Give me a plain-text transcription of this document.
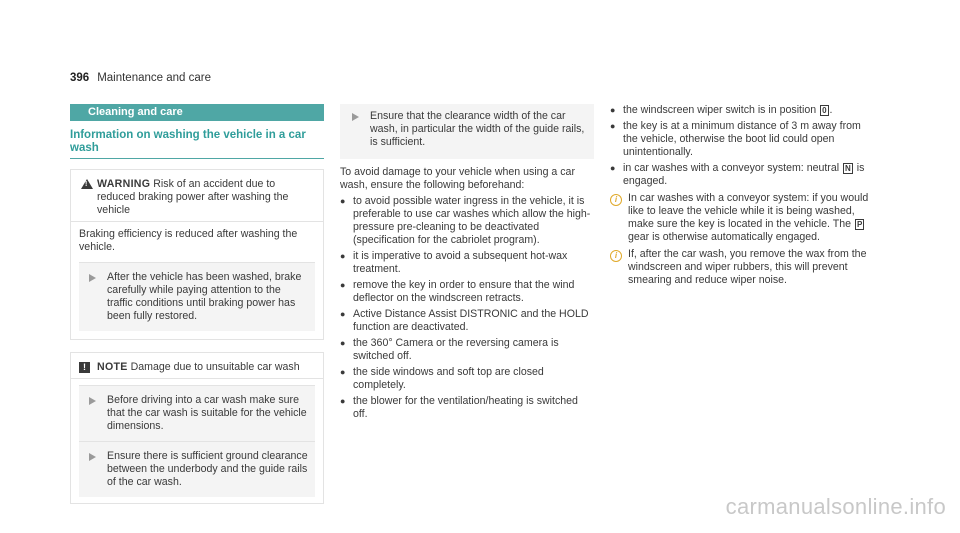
396 Maintenance and care
Cleaning and care
Information on washing the vehicle in a car wash
!
WARNING Risk of an accident due to reduced braking power after washing the vehicle
Braking efficiency is reduced after washing the vehicle.
After the vehicle has been washed, brake carefully while paying attention to the traffic conditions until braking power has been fully restored.
!	NOTE Damage due to unsuitable car wash
Before driving into a car wash make sure that the car wash is suitable for the vehicle dimensions.
Ensure there is sufficient ground clearance between the underbody and the guide rails of the car wash.
Ensure that the clearance width of the car wash, in particular the width of the guide rails, is sufficient.
To avoid damage to your vehicle when using a car wash, ensure the following beforehand:
● to avoid possible water ingress in the vehicle, it is preferable to use car washes which allow the high-pressure pre-cleaning to be deactivated (specification for the cabriolet program).
● it is imperative to avoid a subsequent hot-wax treatment.
● remove the key in order to ensure that the wind deflector on the windscreen retracts.
● Active Distance Assist DISTRONIC and the HOLD function are deactivated.
● the 360° Camera or the reversing camera is switched off.
● the side windows and soft top are closed completely.
● the blower for the ventilation/heating is switched off.
● the windscreen wiper switch is in position 0 .
● the key is at a minimum distance of 3 m away from the vehicle, otherwise the boot lid could open unintentionally.
● in car washes with a conveyor system: neutral N is engaged.
i	In car washes with a conveyor system: if you would like to leave the vehicle while it is being washed, make sure the key is located in the vehicle. The P gear is otherwise automatically engaged.
i	If, after the car wash, you remove the wax from the windscreen and wiper rubbers, this will prevent smearing and reduce wiper noise.
carmanualsonline.info
